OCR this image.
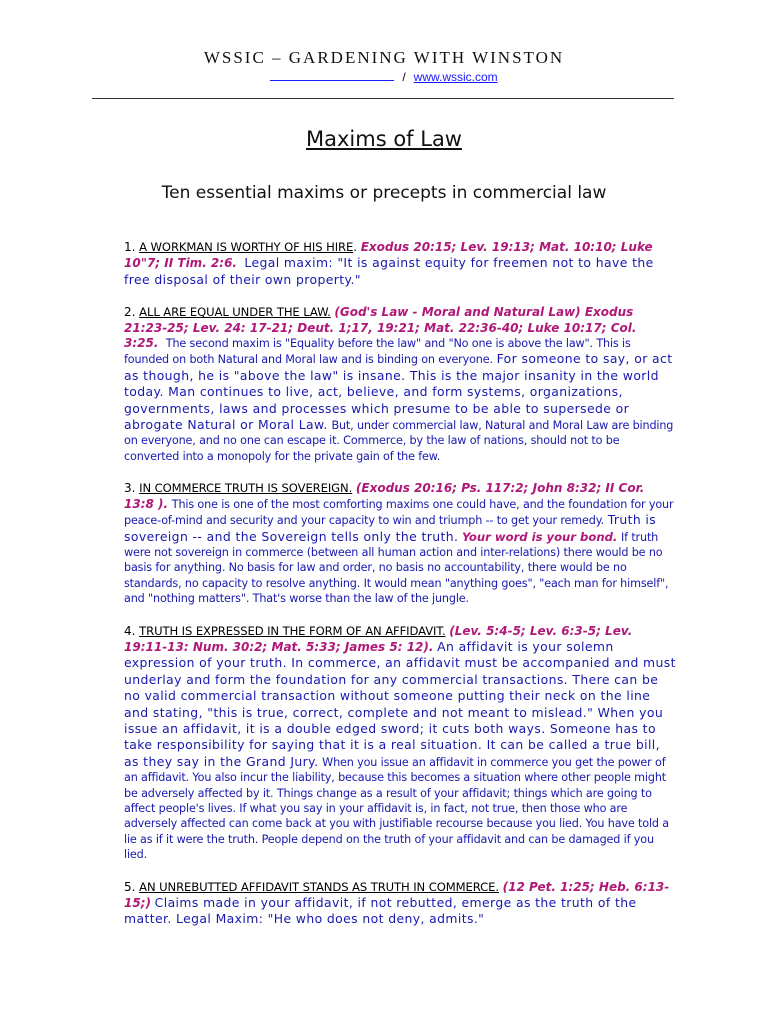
WSSIC – GARDENING WITH WINSTON
/ www.wssic.com
Maxims of Law
Ten essential maxims or precepts in commercial law

1. A WORKMAN IS WORTHY OF HIS HIRE. Exodus 20:15; Lev. 19:13; Mat. 10:10; Luke 10"7; II Tim. 2:6. Legal maxim: "It is against equity for freemen not to have the free disposal of their own property."

2. ALL ARE EQUAL UNDER THE LAW. (God's Law - Moral and Natural Law) Exodus 21:23-25; Lev. 24: 17-21; Deut. 1;17, 19:21; Mat. 22:36-40; Luke 10:17; Col. 3:25. The second maxim is "Equality before the law" and "No one is above the law". This is founded on both Natural and Moral law and is binding on everyone. For someone to say, or act as though, he is "above the law" is insane. This is the major insanity in the world today. Man continues to live, act, believe, and form systems, organizations, governments, laws and processes which presume to be able to supersede or abrogate Natural or Moral Law. But, under commercial law, Natural and Moral Law are binding on everyone, and no one can escape it. Commerce, by the law of nations, should not to be converted into a monopoly for the private gain of the few.

3. IN COMMERCE TRUTH IS SOVEREIGN. (Exodus 20:16; Ps. 117:2; John 8:32; II Cor. 13:8 ). This one is one of the most comforting maxims one could have, and the foundation for your peace-of-mind and security and your capacity to win and triumph -- to get your remedy. Truth is sovereign -- and the Sovereign tells only the truth. Your word is your bond. If truth were not sovereign in commerce (between all human action and inter-relations) there would be no basis for anything. No basis for law and order, no basis no accountability, there would be no standards, no capacity to resolve anything. It would mean "anything goes", "each man for himself", and "nothing matters". That's worse than the law of the jungle.

4. TRUTH IS EXPRESSED IN THE FORM OF AN AFFIDAVIT. (Lev. 5:4-5; Lev. 6:3-5; Lev. 19:11-13: Num. 30:2; Mat. 5:33; James 5: 12). An affidavit is your solemn expression of your truth. In commerce, an affidavit must be accompanied and must underlay and form the foundation for any commercial transactions. There can be no valid commercial transaction without someone putting their neck on the line and stating, "this is true, correct, complete and not meant to mislead." When you issue an affidavit, it is a double edged sword; it cuts both ways. Someone has to take responsibility for saying that it is a real situation. It can be called a true bill, as they say in the Grand Jury. When you issue an affidavit in commerce you get the power of an affidavit. You also incur the liability, because this becomes a situation where other people might be adversely affected by it. Things change as a result of your affidavit; things which are going to affect people's lives. If what you say in your affidavit is, in fact, not true, then those who are adversely affected can come back at you with justifiable recourse because you lied. You have told a lie as if it were the truth. People depend on the truth of your affidavit and can be damaged if you lied.

5. AN UNREBUTTED AFFIDAVIT STANDS AS TRUTH IN COMMERCE. (12 Pet. 1:25; Heb. 6:13-15;) Claims made in your affidavit, if not rebutted, emerge as the truth of the matter. Legal Maxim: "He who does not deny, admits."
